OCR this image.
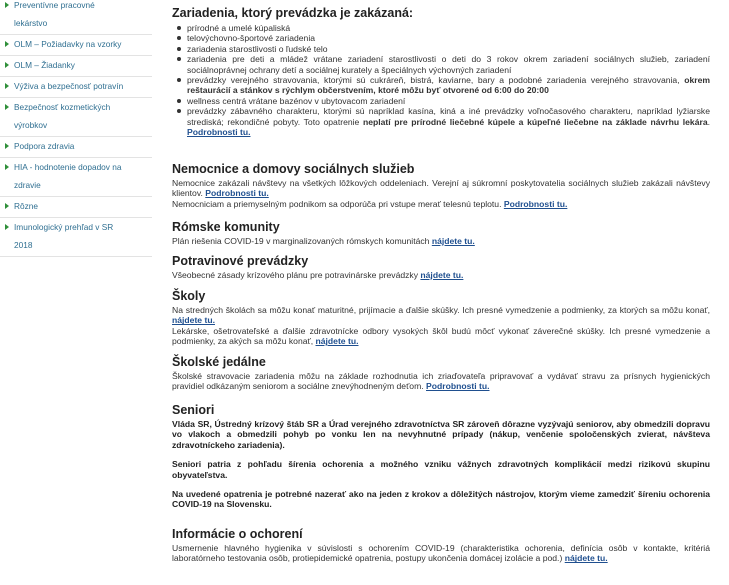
Preventívne pracovné
lekárstvo
OLM – Požiadavky na vzorky
OLM – Žiadanky
Výživa a bezpečnosť potravín
Bezpečnosť kozmetických
výrobkov
Podpora zdravia
HIA - hodnotenie dopadov na
zdravie
Rôzne
Imunologický prehľad v SR
2018
Zariadenia, ktorý prevádzka je zakázaná:
prírodné a umelé kúpaliská
telovýchovno-športové zariadenia
zariadenia starostlivosti o ľudské telo
zariadenia pre deti a mládež vrátane zariadení starostlivosti o deti do 3 rokov okrem zariadení sociálnych služieb, zariadení sociálnoprávnej ochrany detí a sociálnej kurately a špeciálnych výchovných zariadení
prevádzky verejného stravovania, ktorými sú cukráreň, bistrá, kaviarne, bary a podobné zariadenia verejného stravovania, okrem reštaurácií a stánkov s rýchlym občerstvením, ktoré môžu byť otvorené od 6:00 do 20:00
wellness centrá vrátane bazénov v ubytovacom zariadení
prevádzky zábavného charakteru, ktorými sú napríklad kasína, kiná a iné prevádzky voľnočasového charakteru, napríklad lyžiarske strediská; rekondičné pobyty. Toto opatrenie neplatí pre prírodné liečebné kúpele a kúpeľné liečebne na základe návrhu lekára. Podrobnosti tu.
Nemocnice a domovy sociálnych služieb

Nemocnice zakázali návštevy na všetkých lôžkových oddeleniach. Verejní aj súkromní poskytovatelia sociálnych služieb zakázali návštevy klientov. Podrobnosti tu.

Nemocniciam a priemyselným podnikom sa odporúča pri vstupe merať telesnú teplotu. Podrobnosti tu.

Rómske komunity

Plán riešenia COVID-19 v marginalizovaných rómskych komunitách nájdete tu.

Potravinové prevádzky

Všeobecné zásady krízového plánu pre potravinárske prevádzky nájdete tu.

Školy

Na stredných školách sa môžu konať maturitné, prijímacie a ďalšie skúšky. Ich presné vymedzenie a podmienky, za ktorých sa môžu konať, nájdete tu.

Lekárske, ošetrovateľské a ďalšie zdravotnícke odbory vysokých škôl budú môcť vykonať záverečné skúšky. Ich presné vymedzenie a podmienky, za akých sa môžu konať, nájdete tu.

Školské jedálne

Školské stravovacie zariadenia môžu na základe rozhodnutia ich zriaďovateľa pripravovať a vydávať stravu za prísnych hygienických pravidiel odkázaným seniorom a sociálne znevýhodneným deťom. Podrobnosti tu.

Seniori

Vláda SR, Ústredný krízový štáb SR a Úrad verejného zdravotníctva SR zároveň dôrazne vyzývajú seniorov, aby obmedzili dopravu vo vlakoch a obmedzili pohyb po vonku len na nevyhnutné prípady (nákup, venčenie spoločenských zvierat, návšteva zdravotníckeho zariadenia).

Seniori patria z pohľadu šírenia ochorenia a možného vzniku vážnych zdravotných komplikácií medzi rizikovú skupinu obyvateľstva.

Na uvedené opatrenia je potrebné nazerať ako na jeden z krokov a dôležitých nástrojov, ktorým vieme zamedziť šíreniu ochorenia COVID-19 na Slovensku.

Informácie o ochorení

Usmernenie hlavného hygienika v súvislosti s ochorením COVID-19 (charakteristika ochorenia, definícia osôb v kontakte, kritériá laboratórneho testovania osôb, protiepidemické opatrenia, postupy ukončenia domácej izolácie a pod.) nájdete tu.
